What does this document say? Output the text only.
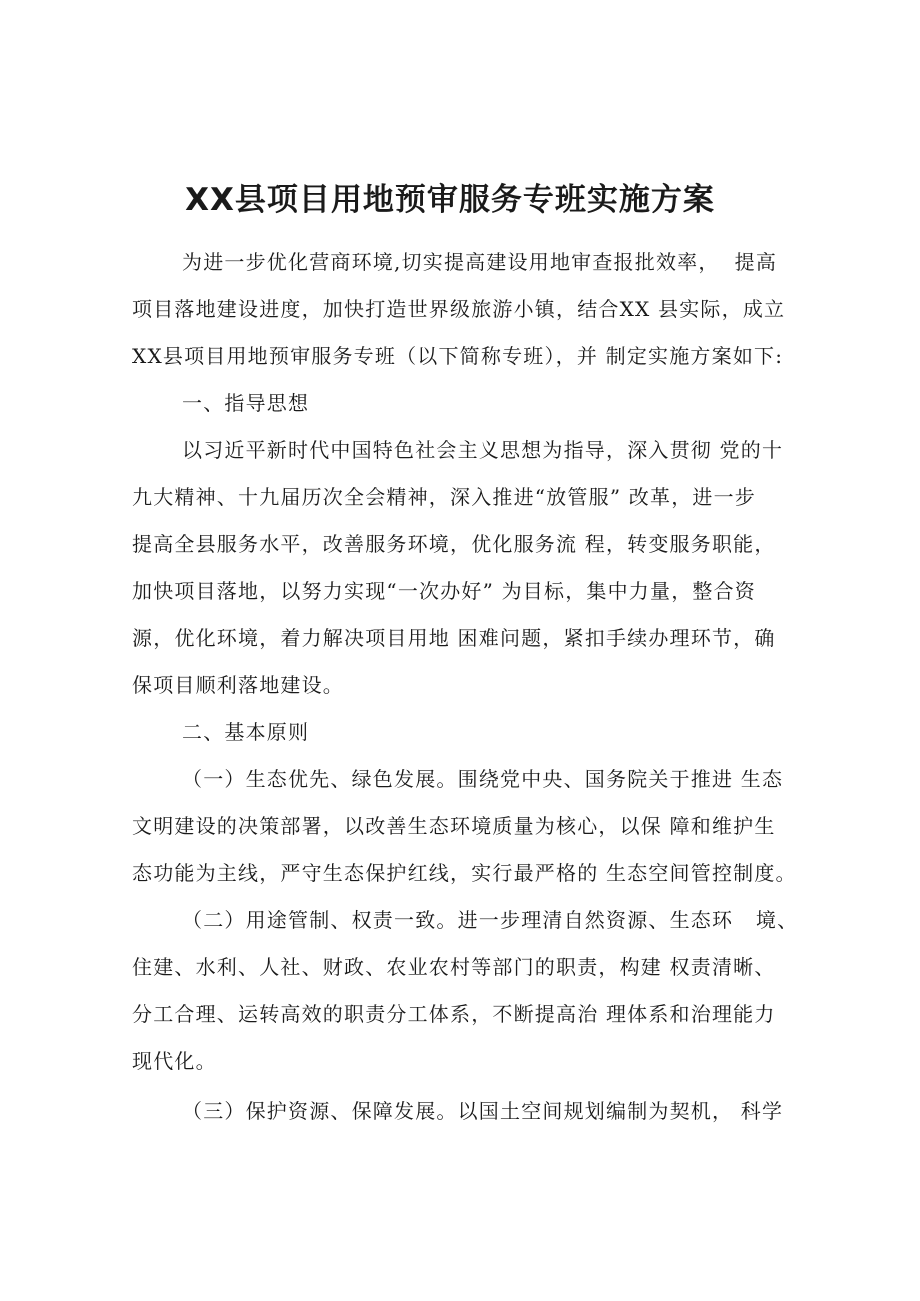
XX县项目用地预审服务专班实施方案
为进一步优化营商环境,切实提高建设用地审查报批效率，  提高
项目落地建设进度，加快打造世界级旅游小镇，结合XX 县实际，成立
XX县项目用地预审服务专班（以下简称专班），并 制定实施方案如下:
一、指导思想
以习近平新时代中国特色社会主义思想为指导，深入贯彻 党的十
九大精神、十九届历次全会精神，深入推进“放管服” 改革，进一步
提高全县服务水平，改善服务环境，优化服务流 程，转变服务职能，
加快项目落地，以努力实现“一次办好” 为目标，集中力量，整合资
源，优化环境，着力解决项目用地 困难问题，紧扣手续办理环节，确
保项目顺利落地建设。
二、基本原则
（一）生态优先、绿色发展。围绕党中央、国务院关于推进 生态
文明建设的决策部署，以改善生态环境质量为核心，以保 障和维护生
态功能为主线，严守生态保护红线，实行最严格的 生态空间管控制度。
（二）用途管制、权责一致。进一步理清自然资源、生态环   境、
住建、水利、人社、财政、农业农村等部门的职责，构建 权责清晰、
分工合理、运转高效的职责分工体系，不断提高治 理体系和治理能力
现代化。
（三）保护资源、保障发展。以国土空间规划编制为契机， 科学
